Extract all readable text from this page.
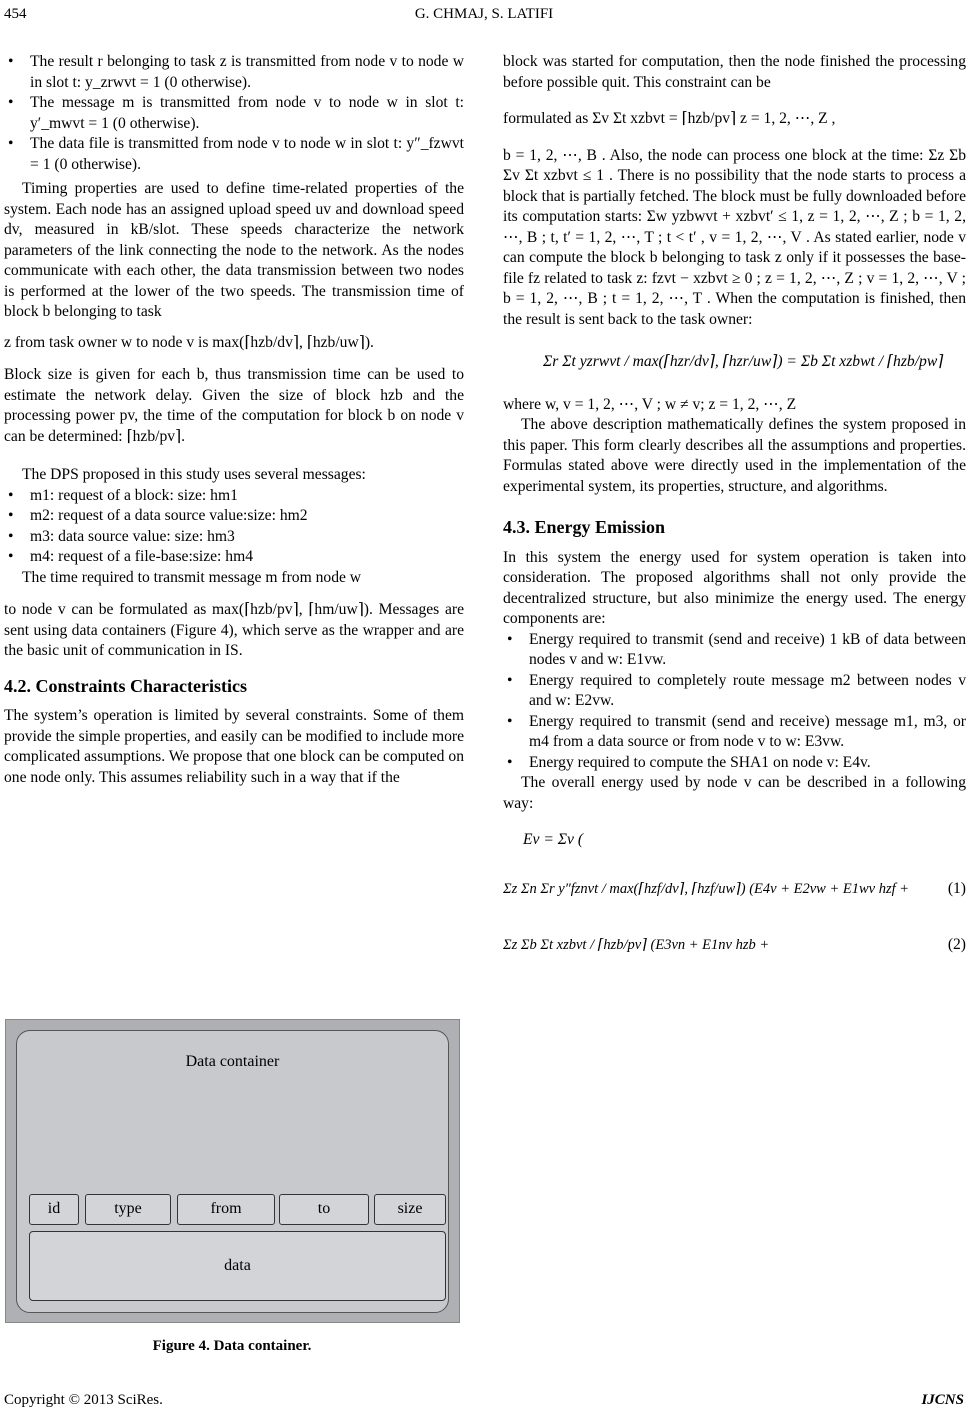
454	G. CHMAJ, S. LATIFI
• The result r belonging to task z is transmitted from node v to node w in slot t: y_zrwvt = 1 (0 otherwise).
• The message m is transmitted from node v to node w in slot t: y′_mwvt = 1 (0 otherwise).
• The data file is transmitted from node v to node w in slot t: y″_fzwvt = 1 (0 otherwise).

Timing properties are used to define time-related properties of the system. Each node has an assigned upload speed uv and download speed dv, measured in kB/slot. These speeds characterize the network parameters of the link connecting the node to the network. As the nodes communicate with each other, the data transmission between two nodes is performed at the lower of the two speeds. The transmission time of block b belonging to task

z from task owner w to node v is max(⌈hzb/dv⌉, ⌈hzb/uw⌉).

Block size is given for each b, thus transmission time can be used to estimate the network delay. Given the size of block hzb and the processing power pv, the time of the computation for block b on node v can be determined: ⌈hzb/pv⌉.

The DPS proposed in this study uses several messages:

• m1: request of a block: size: hm1
• m2: request of a data source value:size: hm2
• m3: data source value: size: hm3
• m4: request of a file-base:size: hm4

The time required to transmit message m from node w

to node v can be formulated as max(⌈hzb/pv⌉, ⌈hm/uw⌉). Messages are sent using data containers (Figure 4), which serve as the wrapper and are the basic unit of communication in IS.

4.2. Constraints Characteristics

The system’s operation is limited by several constraints. Some of them provide the simple properties, and easily can be modified to include more complicated assumptions. We propose that one block can be computed on one node only. This assumes reliability such in a way that if the

Data container
id	type	from	to	size
data
Figure 4. Data container.

block was started for computation, then the node finished the processing before possible quit. This constraint can be

formulated as Σv Σt xzbvt = ⌈hzb/pv⌉ z = 1, 2, ⋯, Z ,

b = 1, 2, ⋯, B . Also, the node can process one block at the time: Σz Σb Σv Σt xzbvt ≤ 1 . There is no possibility that the node starts to process a block that is partially fetched. The block must be fully downloaded before its computation starts: Σw yzbwvt + xzbvt′ ≤ 1, z = 1, 2, ⋯, Z ; b = 1, 2, ⋯, B ; t, t′ = 1, 2, ⋯, T ; t < t′ , v = 1, 2, ⋯, V . As stated earlier, node v can compute the block b belonging to task z only if it possesses the base-file fz related to task z: fzvt − xzbvt ≥ 0 ; z = 1, 2, ⋯, Z ; v = 1, 2, ⋯, V ; b = 1, 2, ⋯, B ; t = 1, 2, ⋯, T . When the computation is finished, then the result is sent back to the task owner:

Σr Σt yzrwvt / max(⌈hzr/dv⌉, ⌈hzr/uw⌉) = Σb Σt xzbwt / ⌈hzb/pw⌉

where w, v = 1, 2, ⋯, V ; w ≠ v; z = 1, 2, ⋯, Z

The above description mathematically defines the system proposed in this paper. This form clearly describes all the assumptions and properties. Formulas stated above were directly used in the implementation of the experimental system, its properties, structure, and algorithms.

4.3. Energy Emission

In this system the energy used for system operation is taken into consideration. The proposed algorithms shall not only provide the decentralized structure, but also minimize the energy used. The energy components are:

• Energy required to transmit (send and receive) 1 kB of data between nodes v and w: E1vw.
• Energy required to completely route message m2 between nodes v and w: E2vw.
• Energy required to transmit (send and receive) message m1, m3, or m4 from a data source or from node v to w: E3vw.
• Energy required to compute the SHA1 on node v: E4v.

The overall energy used by node v can be described in a following way:

Ev = Σv (

Σz Σn Σr y″fznvt / max(⌈hzf/dv⌉, ⌈hzf/uw⌉) (E4v + E2vw + E1wv hzf +	(1)
Σz Σb Σt xzbvt / ⌈hzb/pv⌉ (E3vn + E1nv hzb +	(2)
Copyright © 2013 SciRes.	IJCNS
